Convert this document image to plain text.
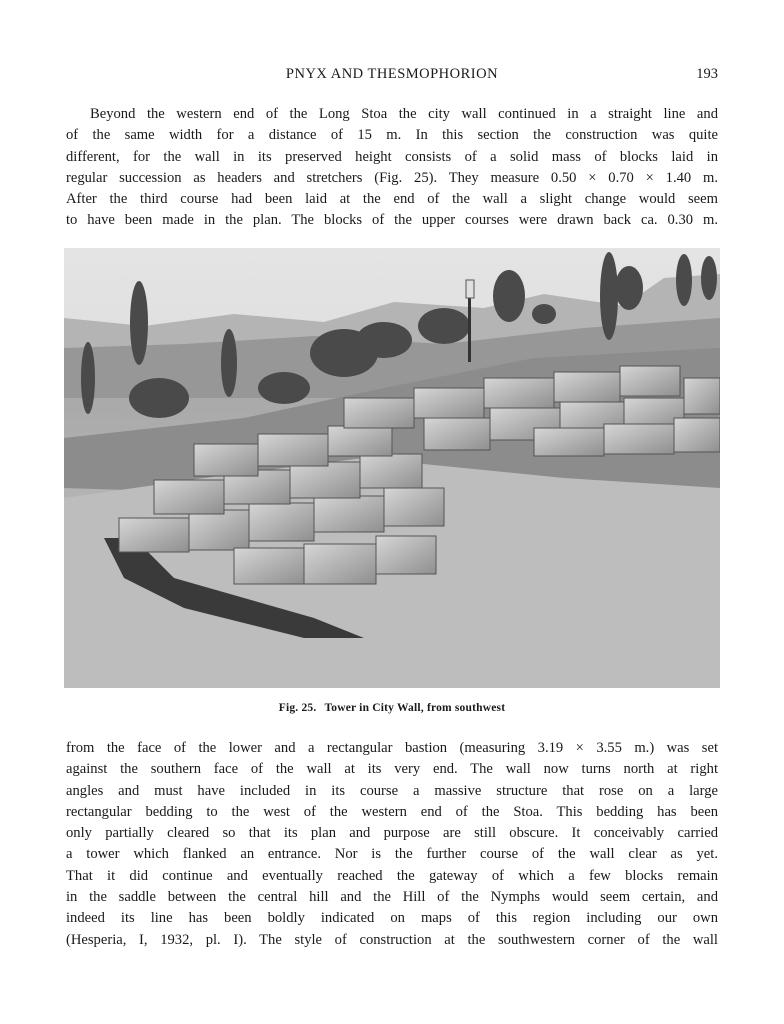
PNYX AND THESMOPHORION	193
Beyond the western end of the Long Stoa the city wall continued in a straight line and
of the same width for a distance of 15 m. In this section the construction was quite
different, for the wall in its preserved height consists of a solid mass of blocks laid in
regular succession as headers and stretchers (Fig. 25). They measure 0.50 × 0.70 × 1.40 m.
After the third course had been laid at the end of the wall a slight change would seem
to have been made in the plan. The blocks of the upper courses were drawn back ca. 0.30 m.
Fig. 25. Tower in City Wall, from southwest
from the face of the lower and a rectangular bastion (measuring 3.19 × 3.55 m.) was set
against the southern face of the wall at its very end. The wall now turns north at right
angles and must have included in its course a massive structure that rose on a large
rectangular bedding to the west of the western end of the Stoa. This bedding has been
only partially cleared so that its plan and purpose are still obscure. It conceivably carried
a tower which flanked an entrance. Nor is the further course of the wall clear as yet.
That it did continue and eventually reached the gateway of which a few blocks remain
in the saddle between the central hill and the Hill of the Nymphs would seem certain, and
indeed its line has been boldly indicated on maps of this region including our own
(Hesperia, I, 1932, pl. I). The style of construction at the southwestern corner of the wall
